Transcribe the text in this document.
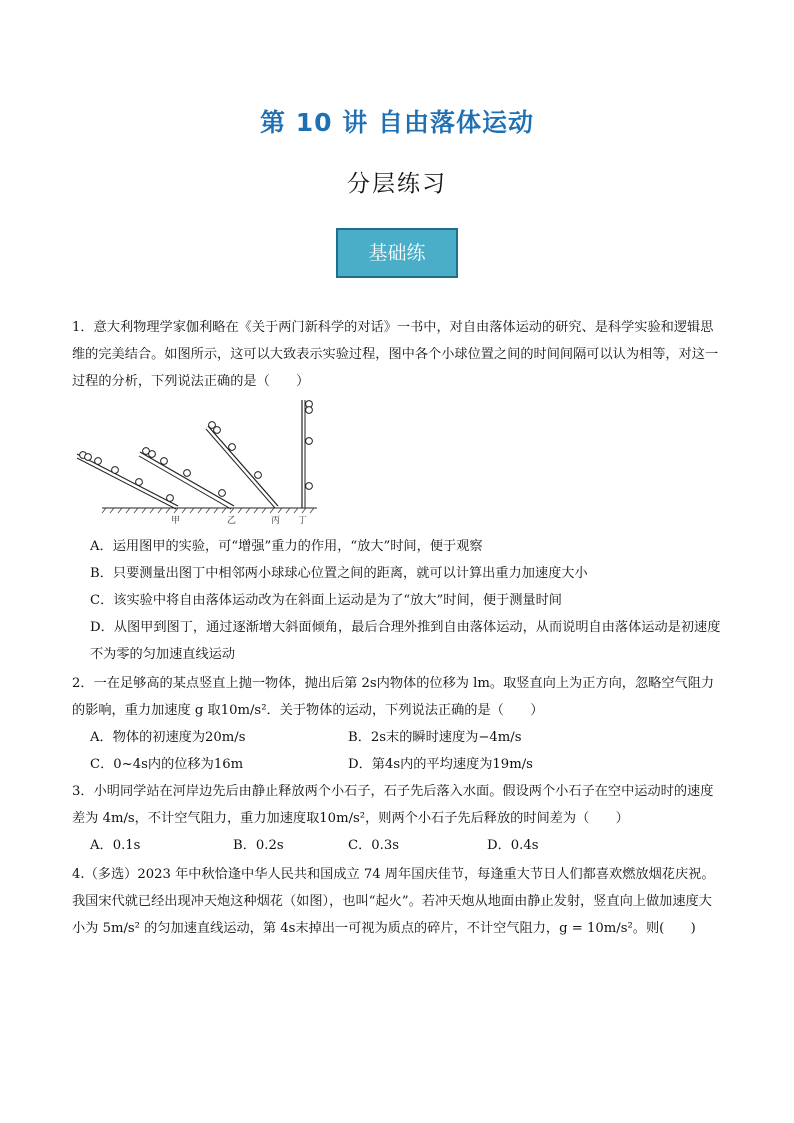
第 10 讲 自由落体运动
分层练习
基础练
1．意大利物理学家伽利略在《关于两门新科学的对话》一书中，对自由落体运动的研究、是科学实验和逻辑思维的完美结合。如图所示，这可以大致表示实验过程，图中各个小球位置之间的时间间隔可以认为相等，对这一过程的分析，下列说法正确的是（　　）
甲	乙	丙 丁
A．运用图甲的实验，可“增强”重力的作用，“放大”时间，便于观察
B．只要测量出图丁中相邻两小球球心位置之间的距离，就可以计算出重力加速度大小
C．该实验中将自由落体运动改为在斜面上运动是为了“放大”时间，便于测量时间
D．从图甲到图丁，通过逐渐增大斜面倾角，最后合理外推到自由落体运动，从而说明自由落体运动是初速度不为零的匀加速直线运动
2．一在足够高的某点竖直上抛一物体，抛出后第 2s内物体的位移为 lm。取竖直向上为正方向，忽略空气阻力的影响，重力加速度 g 取10m/s²．关于物体的运动，下列说法正确的是（　　）
A．物体的初速度为20m/s	B．2s末的瞬时速度为−4m/s
C．0~4s内的位移为16m	D．第4s内的平均速度为19m/s
3．小明同学站在河岸边先后由静止释放两个小石子，石子先后落入水面。假设两个小石子在空中运动时的速度差为 4m/s，不计空气阻力，重力加速度取10m/s²，则两个小石子先后释放的时间差为（　　）
A．0.1s	B．0.2s	C．0.3s	D．0.4s
4.（多选）2023 年中秋恰逢中华人民共和国成立 74 周年国庆佳节，每逢重大节日人们都喜欢燃放烟花庆祝。我国宋代就已经出现冲天炮这种烟花（如图），也叫“起火”。若冲天炮从地面由静止发射，竖直向上做加速度大小为 5m/s² 的匀加速直线运动，第 4s末掉出一可视为质点的碎片，不计空气阻力，g = 10m/s²。则(　　)
